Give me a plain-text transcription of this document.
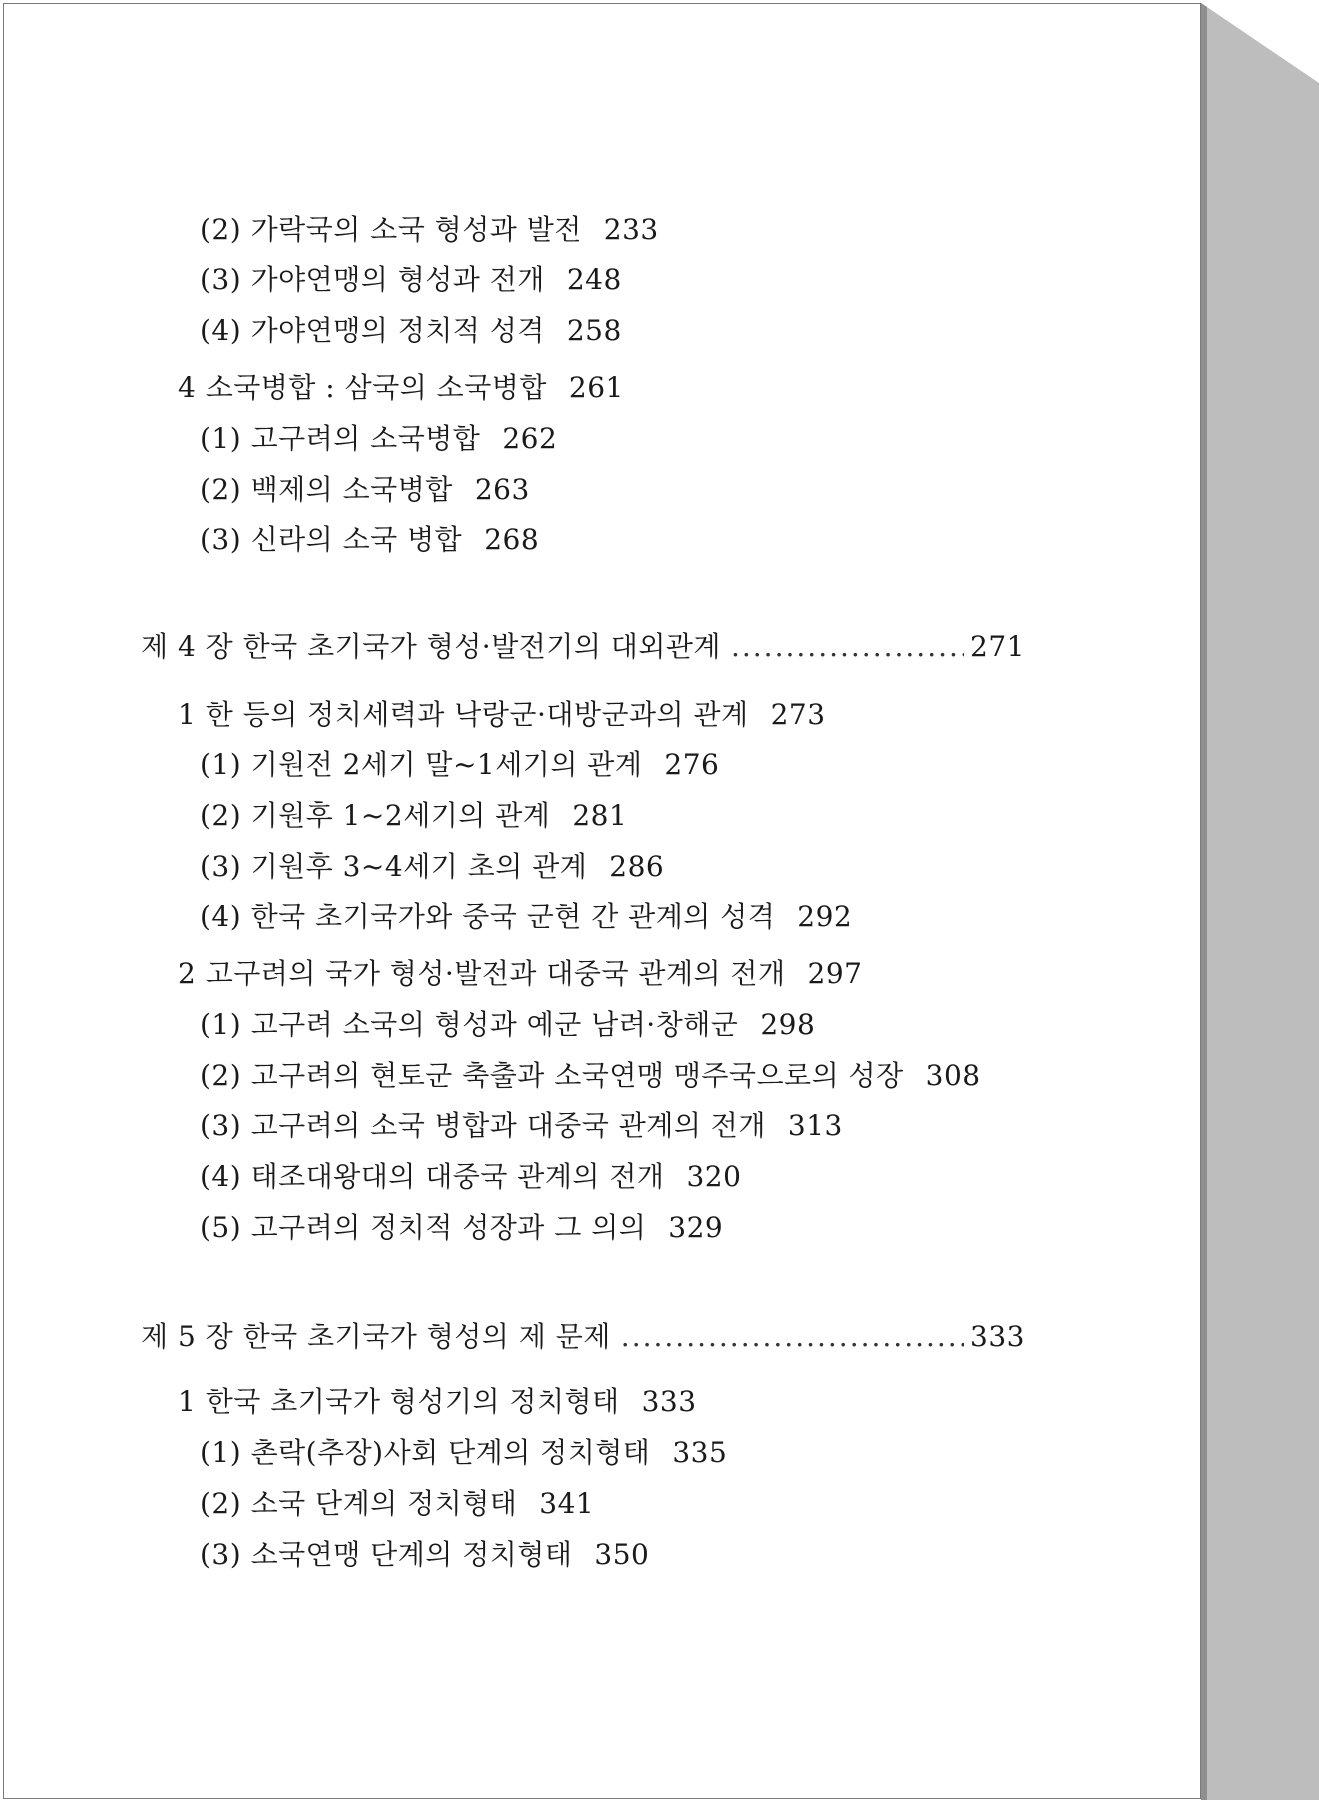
(2) 가락국의 소국 형성과 발전 233
(3) 가야연맹의 형성과 전개 248
(4) 가야연맹의 정치적 성격 258
4 소국병합 : 삼국의 소국병합 261
(1) 고구려의 소국병합 262
(2) 백제의 소국병합 263
(3) 신라의 소국 병합 268
제 4 장 한국 초기국가 형성·발전기의 대외관계 .....	271
1 한 등의 정치세력과 낙랑군·대방군과의 관계 273
(1) 기원전 2세기 말~1세기의 관계 276
(2) 기원후 1~2세기의 관계 281
(3) 기원후 3~4세기 초의 관계 286
(4) 한국 초기국가와 중국 군현 간 관계의 성격 292
2 고구려의 국가 형성·발전과 대중국 관계의 전개 297
(1) 고구려 소국의 형성과 예군 남려·창해군 298
(2) 고구려의 현토군 축출과 소국연맹 맹주국으로의 성장 308
(3) 고구려의 소국 병합과 대중국 관계의 전개 313
(4) 태조대왕대의 대중국 관계의 전개 320
(5) 고구려의 정치적 성장과 그 의의 329
제 5 장 한국 초기국가 형성의 제 문제 .....	333
1 한국 초기국가 형성기의 정치형태 333
(1) 촌락(추장)사회 단계의 정치형태 335
(2) 소국 단계의 정치형태 341
(3) 소국연맹 단계의 정치형태 350
